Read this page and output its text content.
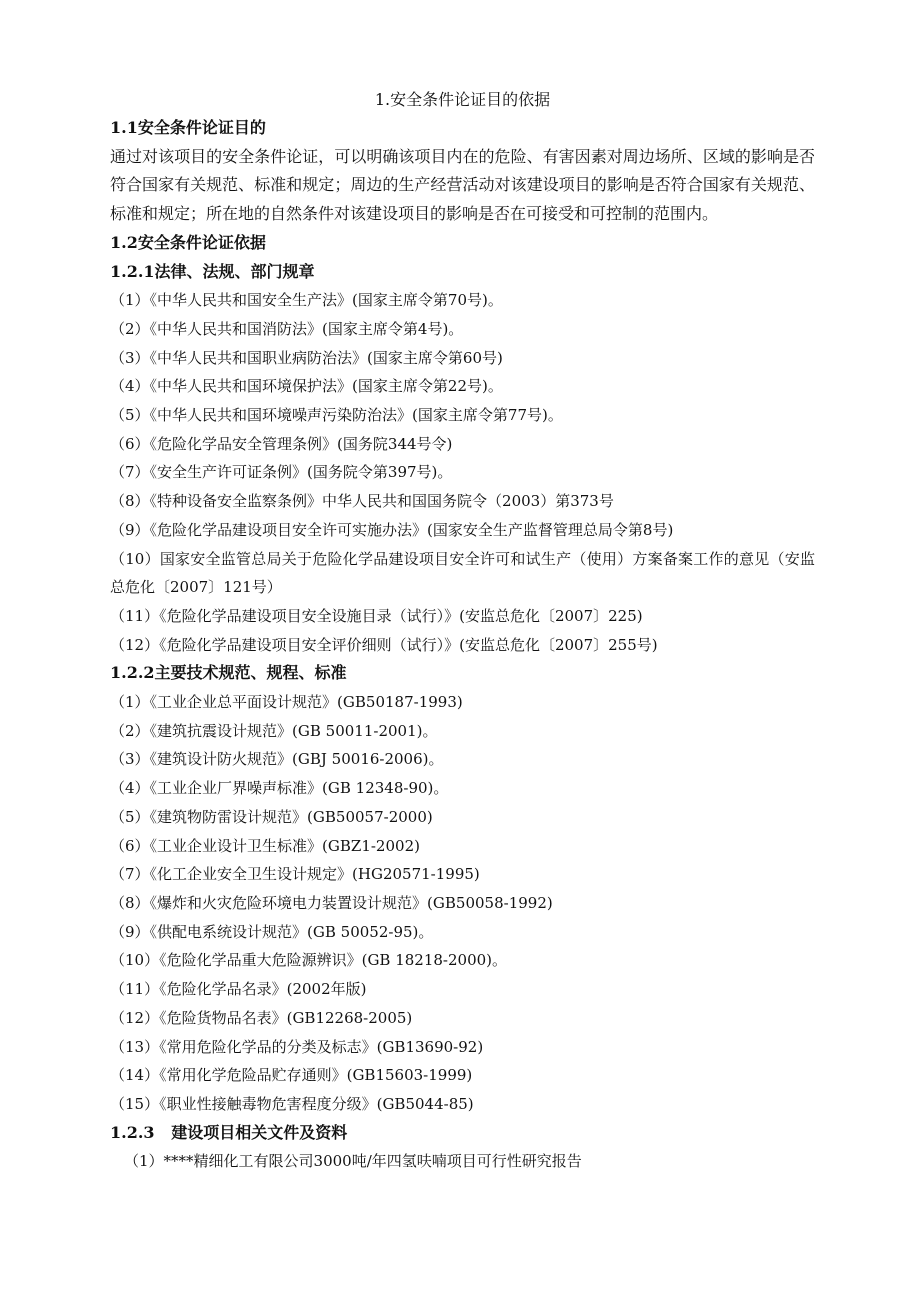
1.安全条件论证目的依据
1.1安全条件论证目的

通过对该项目的安全条件论证，可以明确该项目内在的危险、有害因素对周边场所、区域的影响是否符合国家有关规范、标准和规定；周边的生产经营活动对该建设项目的影响是否符合国家有关规范、标准和规定；所在地的自然条件对该建设项目的影响是否在可接受和可控制的范围内。

1.2安全条件论证依据
1.2.1法律、法规、部门规章
（1）《中华人民共和国安全生产法》(国家主席令第70号)。
（2）《中华人民共和国消防法》(国家主席令第4号)。
（3）《中华人民共和国职业病防治法》(国家主席令第60号)
（4）《中华人民共和国环境保护法》(国家主席令第22号)。
（5）《中华人民共和国环境噪声污染防治法》(国家主席令第77号)。
（6）《危险化学品安全管理条例》(国务院344号令)
（7）《安全生产许可证条例》(国务院令第397号)。
（8）《特种设备安全监察条例》中华人民共和国国务院令（2003）第373号
（9）《危险化学品建设项目安全许可实施办法》(国家安全生产监督管理总局令第8号)
（10）国家安全监管总局关于危险化学品建设项目安全许可和试生产（使用）方案备案工作的意见（安监总危化〔2007〕121号）
（11）《危险化学品建设项目安全设施目录（试行）》(安监总危化〔2007〕225)
（12）《危险化学品建设项目安全评价细则（试行）》(安监总危化〔2007〕255号)
1.2.2主要技术规范、规程、标准
（1）《工业企业总平面设计规范》(GB50187-1993)
（2）《建筑抗震设计规范》(GB 50011-2001)。
（3）《建筑设计防火规范》(GBJ 50016-2006)。
（4）《工业企业厂界噪声标准》(GB 12348-90)。
（5）《建筑物防雷设计规范》(GB50057-2000)
（6）《工业企业设计卫生标准》(GBZ1-2002)
（7）《化工企业安全卫生设计规定》(HG20571-1995)
（8）《爆炸和火灾危险环境电力装置设计规范》(GB50058-1992)
（9）《供配电系统设计规范》(GB 50052-95)。
（10）《危险化学品重大危险源辨识》(GB 18218-2000)。
（11）《危险化学品名录》(2002年版)
（12）《危险货物品名表》(GB12268-2005)
（13）《常用危险化学品的分类及标志》(GB13690-92)
（14）《常用化学危险品贮存通则》(GB15603-1999)
（15）《职业性接触毒物危害程度分级》(GB5044-85)
1.2.3   建设项目相关文件及资料
（1）****精细化工有限公司3000吨/年四氢呋喃项目可行性研究报告
